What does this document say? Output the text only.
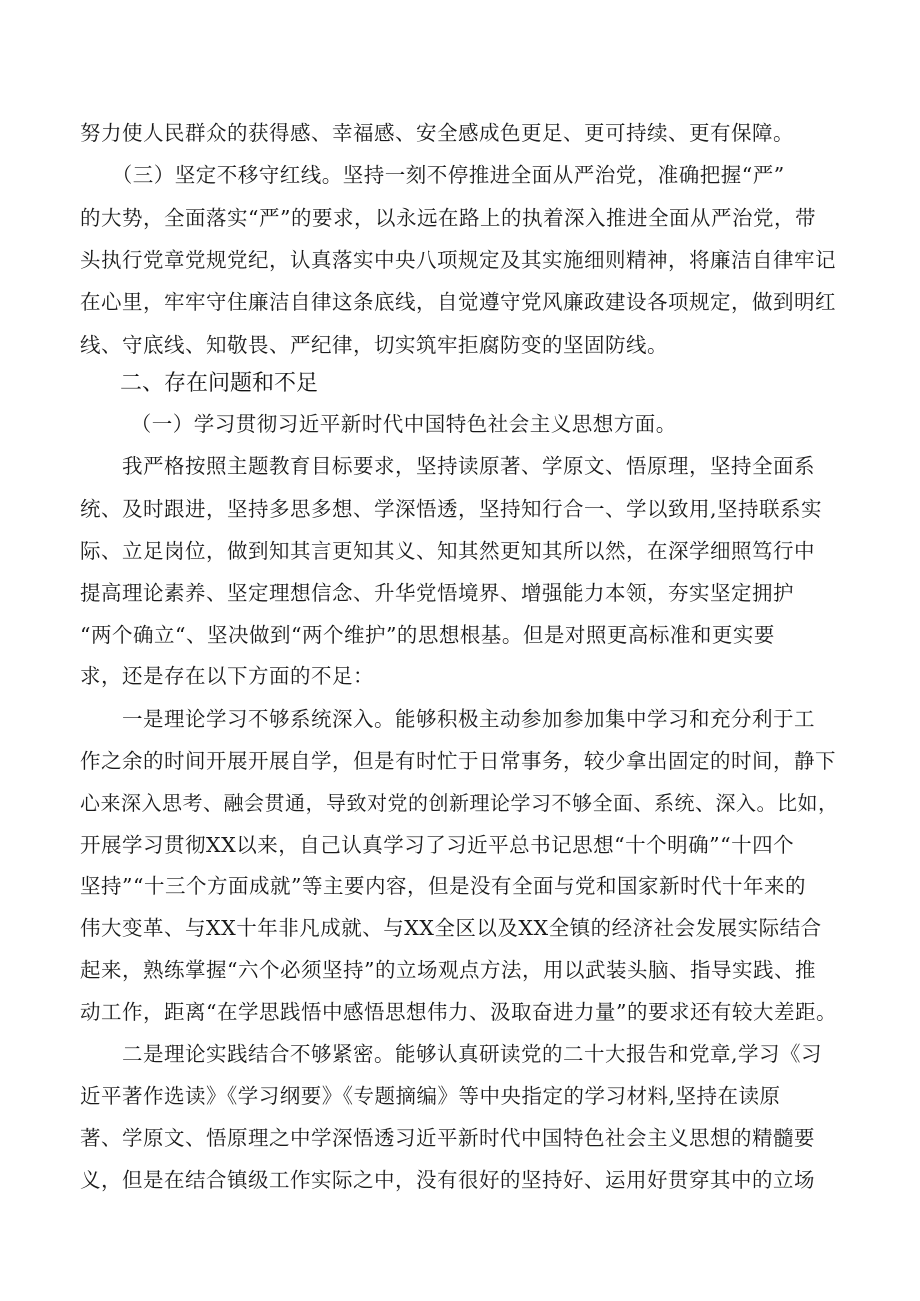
努力使人民群众的获得感、幸福感、安全感成色更足、更可持续、更有保障。
　　（三）坚定不移守红线。坚持一刻不停推进全面从严治党，准确把握“严”
的大势，全面落实“严”的要求，以永远在路上的执着深入推进全面从严治党，带
头执行党章党规党纪，认真落实中央八项规定及其实施细则精神，将廉洁自律牢记
在心里，牢牢守住廉洁自律这条底线，自觉遵守党风廉政建设各项规定，做到明红
线、守底线、知敬畏、严纪律，切实筑牢拒腐防变的坚固防线。
二、存在问题和不足
　（一）学习贯彻习近平新时代中国特色社会主义思想方面。
　　我严格按照主题教育目标要求，坚持读原著、学原文、悟原理，坚持全面系
统、及时跟进，坚持多思多想、学深悟透，坚持知行合一、学以致用,坚持联系实
际、立足岗位，做到知其言更知其义、知其然更知其所以然，在深学细照笃行中
提高理论素养、坚定理想信念、升华党悟境界、增强能力本领，夯实坚定拥护
“两个确立“、坚决做到“两个维护”的思想根基。但是对照更高标准和更实要
求，还是存在以下方面的不足：
　　一是理论学习不够系统深入。能够积极主动参加参加集中学习和充分利于工
作之余的时间开展开展自学，但是有时忙于日常事务，较少拿出固定的时间，静下
心来深入思考、融会贯通，导致对党的创新理论学习不够全面、系统、深入。比如，
开展学习贯彻XX以来，自己认真学习了习近平总书记思想“十个明确”“十四个
坚持”“十三个方面成就”等主要内容，但是没有全面与党和国家新时代十年来的
伟大变革、与XX十年非凡成就、与XX全区以及XX全镇的经济社会发展实际结合
起来，熟练掌握“六个必须坚持”的立场观点方法，用以武装头脑、指导实践、推
动工作，距离“在学思践悟中感悟思想伟力、汲取奋进力量”的要求还有较大差距。
　　二是理论实践结合不够紧密。能够认真研读党的二十大报告和党章,学习《习
近平著作选读》《学习纲要》《专题摘编》等中央指定的学习材料,坚持在读原
著、学原文、悟原理之中学深悟透习近平新时代中国特色社会主义思想的精髓要
义，但是在结合镇级工作实际之中，没有很好的坚持好、运用好贯穿其中的立场
